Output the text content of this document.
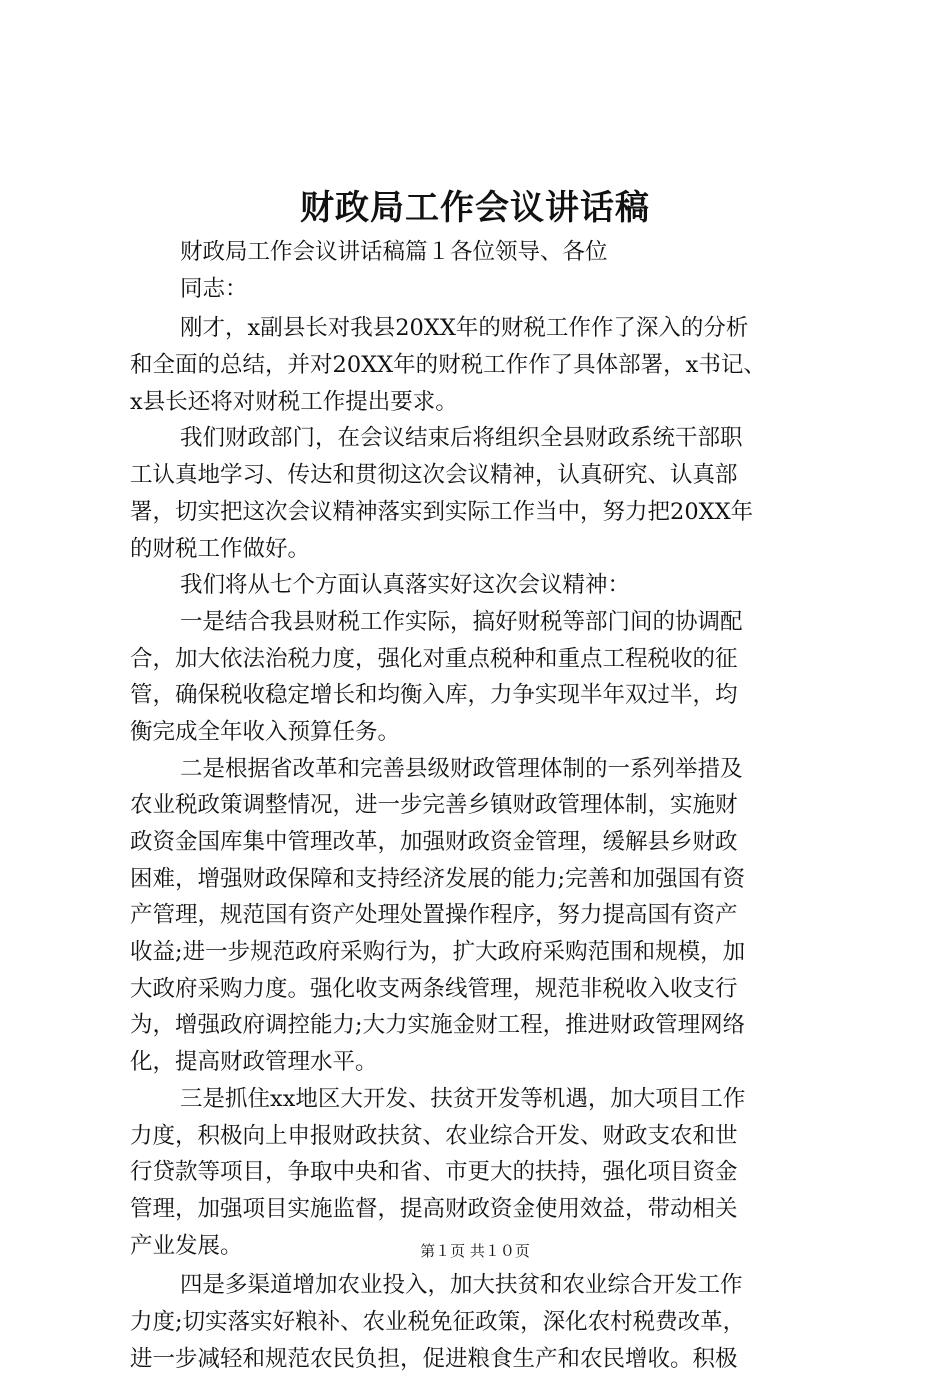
财政局工作会议讲话稿
财政局工作会议讲话稿篇１各位领导、各位
同志：
刚才，x副县长对我县20XX年的财税工作作了深入的分析
和全面的总结，并对20XX年的财税工作作了具体部署，x书记、
x县长还将对财税工作提出要求。
我们财政部门，在会议结束后将组织全县财政系统干部职
工认真地学习、传达和贯彻这次会议精神，认真研究、认真部
署，切实把这次会议精神落实到实际工作当中，努力把20XX年
的财税工作做好。
我们将从七个方面认真落实好这次会议精神：
一是结合我县财税工作实际，搞好财税等部门间的协调配
合，加大依法治税力度，强化对重点税种和重点工程税收的征
管，确保税收稳定增长和均衡入库，力争实现半年双过半，均
衡完成全年收入预算任务。
二是根据省改革和完善县级财政管理体制的一系列举措及
农业税政策调整情况，进一步完善乡镇财政管理体制，实施财
政资金国库集中管理改革，加强财政资金管理，缓解县乡财政
困难，增强财政保障和支持经济发展的能力;完善和加强国有资
产管理，规范国有资产处理处置操作程序，努力提高国有资产
收益;进一步规范政府采购行为，扩大政府采购范围和规模，加
大政府采购力度。强化收支两条线管理，规范非税收入收支行
为，增强政府调控能力;大力实施金财工程，推进财政管理网络
化，提高财政管理水平。
三是抓住xx地区大开发、扶贫开发等机遇，加大项目工作
力度，积极向上申报财政扶贫、农业综合开发、财政支农和世
行贷款等项目，争取中央和省、市更大的扶持，强化项目资金
管理，加强项目实施监督，提高财政资金使用效益，带动相关
产业发展。
四是多渠道增加农业投入，加大扶贫和农业综合开发工作
力度;切实落实好粮补、农业税免征政策，深化农村税费改革，
进一步减轻和规范农民负担，促进粮食生产和农民增收。积极
第１页 共１０页
